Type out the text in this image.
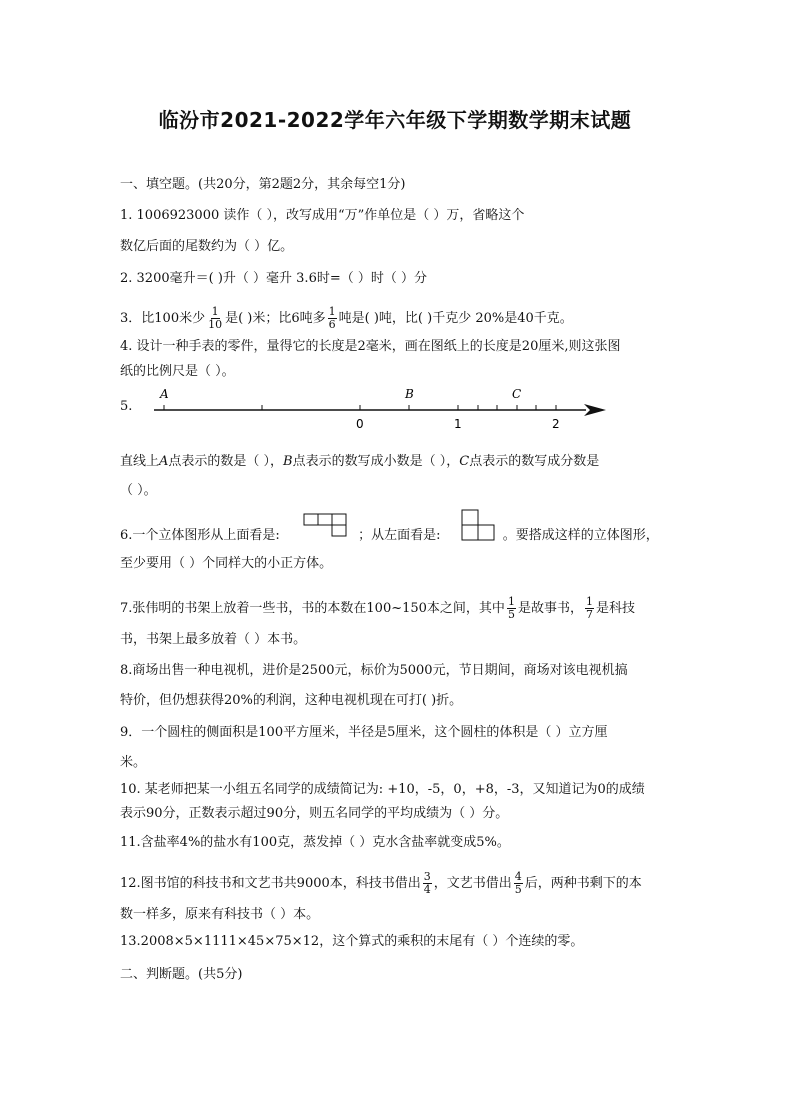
临汾市2021-2022学年六年级下学期数学期末试题
一、填空题。(共20分，第2题2分，其余每空1分)
1. 1006923000 读作（ ），改写成用“万”作单位是（ ）万，省略这个
数亿后面的尾数约为（ ）亿。
2. 3200毫升＝( )升（ ）毫升 3.6时=（ ）时（ ）分
3．比100米少 $\frac{1}{10}$ 是( )米；比6吨多 $\frac{1}{6}$ 吨是( )吨，比( )千克少 20%是40千克。
4. 设计一种手表的零件，量得它的长度是2毫米，画在图纸上的长度是20厘米,则这张图
纸的比例尺是（ ）。
5.
A	B	C
0	1	2
直线上A点表示的数是（ ），B点表示的数写成小数是（ ），C点表示的数写成分数是
（ ）。
6.一个立体图形从上面看是:	；从左面看是:	。要搭成这样的立体图形，
至少要用（ ）个同样大的小正方体。
7.张伟明的书架上放着一些书，书的本数在100~150本之间，其中 $\frac{1}{5}$ 是故事书， $\frac{1}{7}$ 是科技
书，书架上最多放着（ ）本书。
8.商场出售一种电视机，进价是2500元，标价为5000元，节日期间，商场对该电视机搞
特价，但仍想获得20%的利润，这种电视机现在可打( )折。
9．一个圆柱的侧面积是100平方厘米，半径是5厘米，这个圆柱的体积是（ ）立方厘
米。
10. 某老师把某一小组五名同学的成绩简记为: +10，-5，0，+8，-3，又知道记为0的成绩
表示90分，正数表示超过90分，则五名同学的平均成绩为（ ）分。
11.含盐率4%的盐水有100克，蒸发掉（ ）克水含盐率就变成5%。
12.图书馆的科技书和文艺书共9000本，科技书借出 $\frac{3}{4}$ ，文艺书借出 $\frac{4}{5}$ 后，两种书剩下的本
数一样多，原来有科技书（ ）本。
13.2008×5×1111×45×75×12，这个算式的乘积的末尾有（ ）个连续的零。
二、判断题。(共5分)
